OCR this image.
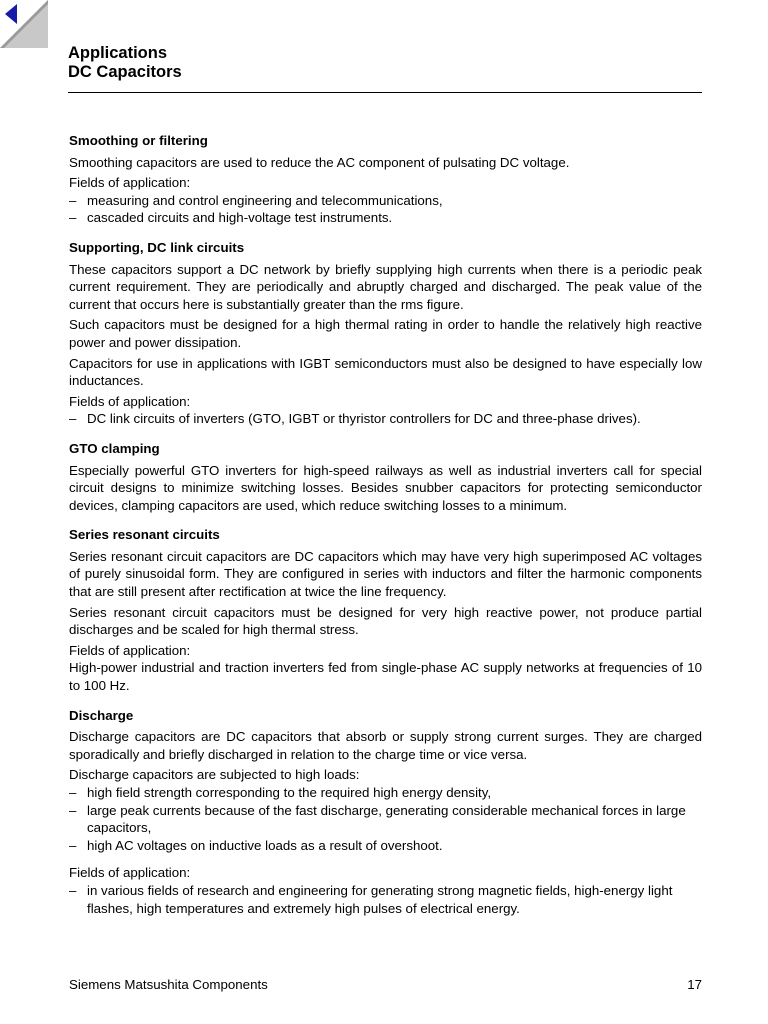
Applications
DC Capacitors
Smoothing or filtering
Smoothing capacitors are used to reduce the AC component of pulsating DC voltage.
Fields of application:
– measuring and control engineering and telecommunications,
– cascaded circuits and high-voltage test instruments.
Supporting, DC link circuits
These capacitors support a DC network by briefly supplying high currents when there is a periodic peak current requirement. They are periodically and abruptly charged and discharged. The peak value of the current that occurs here is substantially greater than the rms figure.
Such capacitors must be designed for a high thermal rating in order to handle the relatively high reactive power and power dissipation.
Capacitors for use in applications with IGBT semiconductors must also be designed to have especially low inductances.
Fields of application:
– DC link circuits of inverters (GTO, IGBT or thyristor controllers for DC and three-phase drives).
GTO clamping
Especially powerful GTO inverters for high-speed railways as well as industrial inverters call for special circuit designs to minimize switching losses. Besides snubber capacitors for protecting semiconductor devices, clamping capacitors are used, which reduce switching losses to a minimum.
Series resonant circuits
Series resonant circuit capacitors are DC capacitors which may have very high superimposed AC voltages of purely sinusoidal form. They are configured in series with inductors and filter the harmonic components that are still present after rectification at twice the line frequency.
Series resonant circuit capacitors must be designed for very high reactive power, not produce partial discharges and be scaled for high thermal stress.
Fields of application:
High-power industrial and traction inverters fed from single-phase AC supply networks at frequencies of 10 to 100 Hz.
Discharge
Discharge capacitors are DC capacitors that absorb or supply strong current surges. They are charged sporadically and briefly discharged in relation to the charge time or vice versa.
Discharge capacitors are subjected to high loads:
– high field strength corresponding to the required high energy density,
– large peak currents because of the fast discharge, generating considerable mechanical forces in large capacitors,
– high AC voltages on inductive loads as a result of overshoot.
Fields of application:
– in various fields of research and engineering for generating strong magnetic fields, high-energy light flashes, high temperatures and extremely high pulses of electrical energy.
Siemens Matsushita Components	17
